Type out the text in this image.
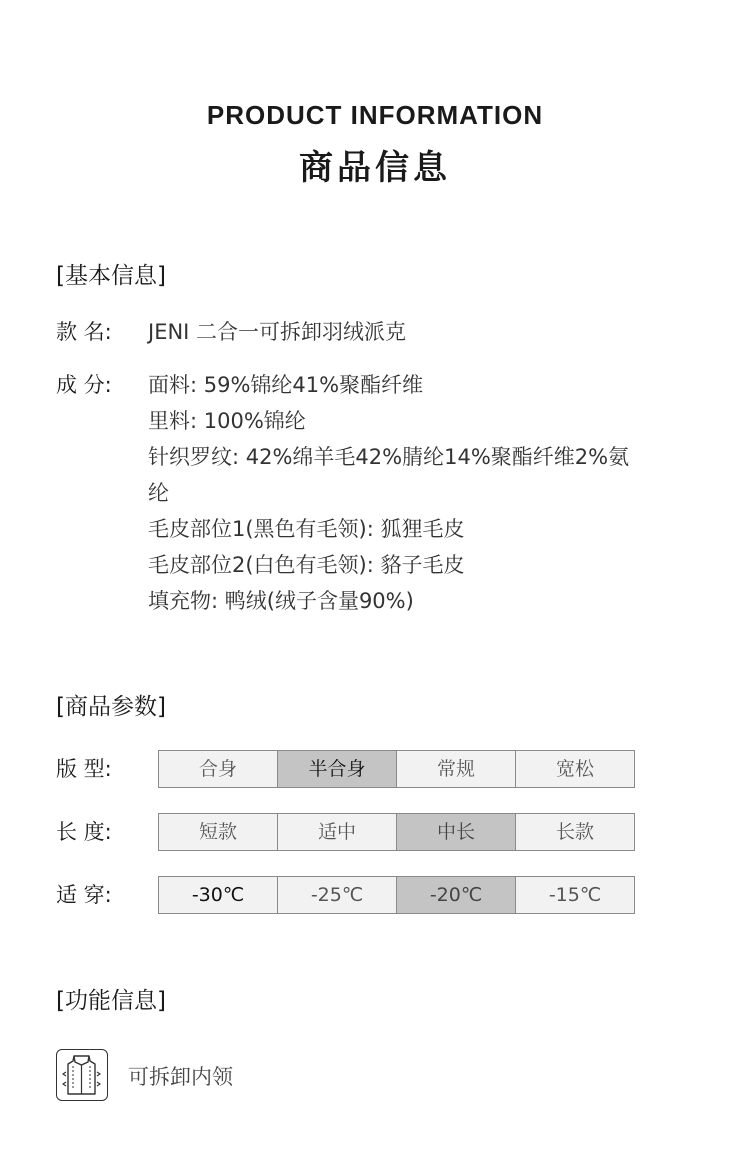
PRODUCT INFORMATION
商品信息
[基本信息]
款 名:	JENI 二合一可拆卸羽绒派克
成 分:	面料: 59%锦纶41%聚酯纤维
里料: 100%锦纶
针织罗纹: 42%绵羊毛42%腈纶14%聚酯纤维2%氨
纶
毛皮部位1(黑色有毛领): 狐狸毛皮
毛皮部位2(白色有毛领): 貉子毛皮
填充物: 鸭绒(绒子含量90%)
[商品参数]
版 型:	合身	半合身	常规	宽松
长 度:	短款	适中	中长	长款
适 穿:	-30℃	-25℃	-20℃	-15℃
[功能信息]
可拆卸内领
